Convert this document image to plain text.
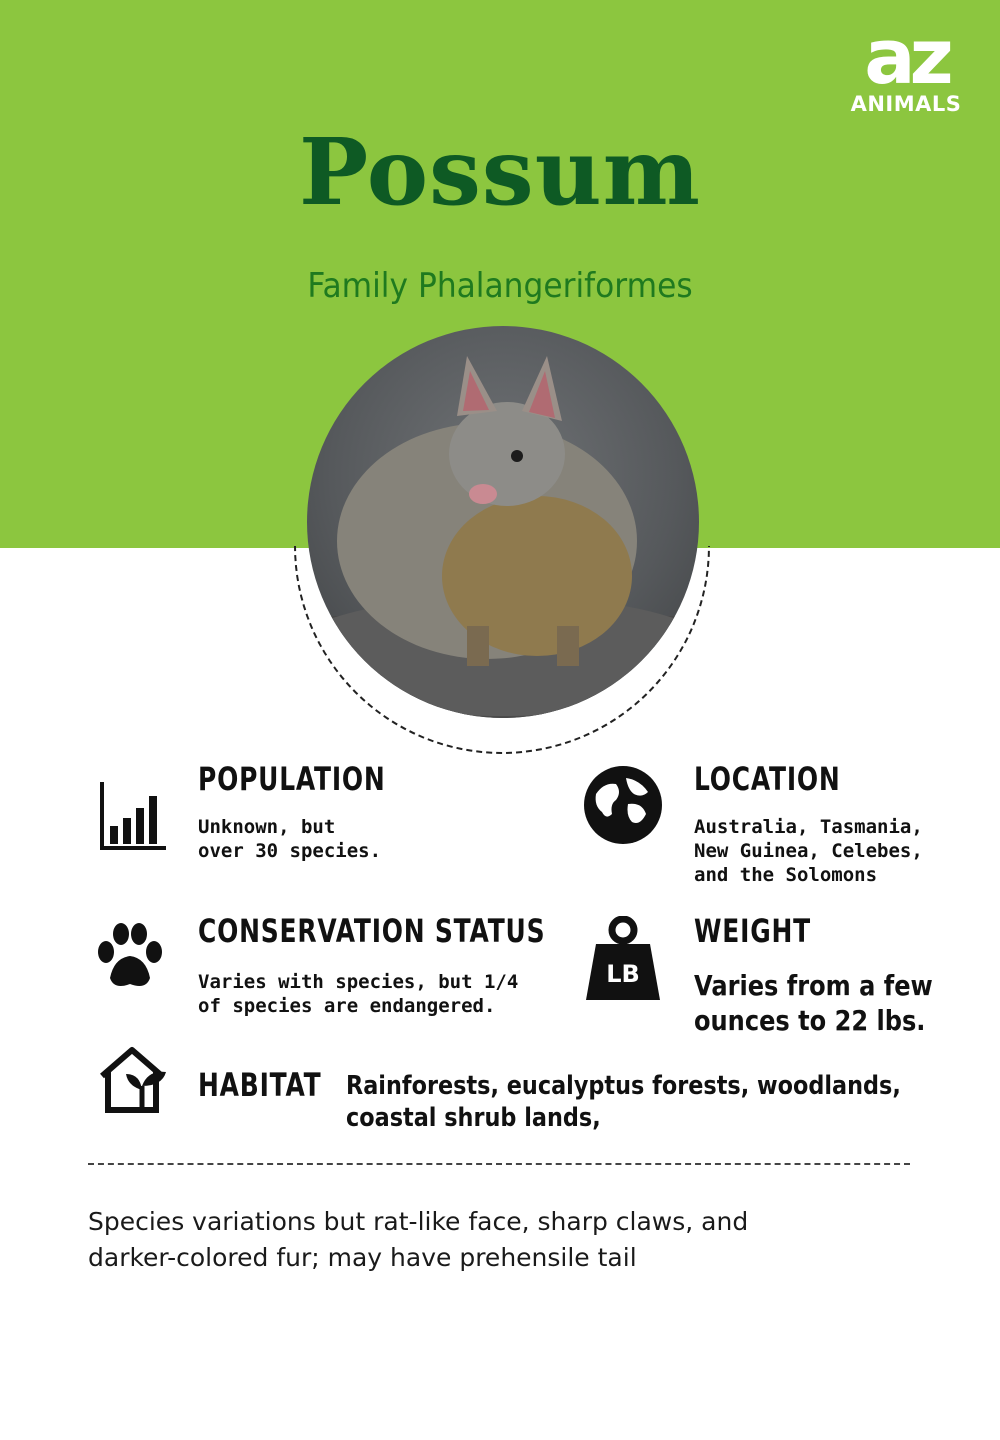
az
ANIMALS
Possum
Family Phalangeriformes
POPULATION
Unknown, but
over 30 species.
LOCATION
Australia, Tasmania,
New Guinea, Celebes,
and the Solomons
CONSERVATION STATUS
Varies with species, but 1/4
of species are endangered.
LB
WEIGHT
Varies from a few
ounces to 22 lbs.
HABITAT Rainforests, eucalyptus forests, woodlands,
coastal shrub lands,
Species variations but rat-like face, sharp claws, and
darker-colored fur; may have prehensile tail
